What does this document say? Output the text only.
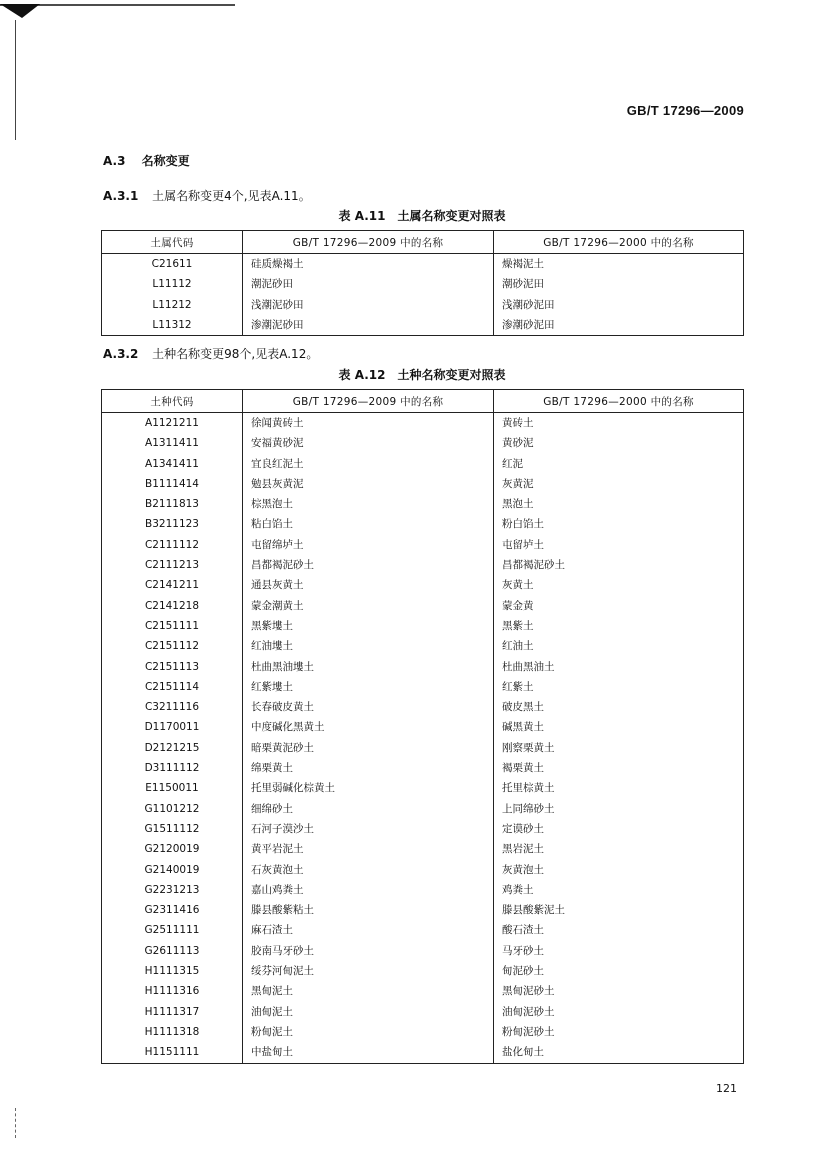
GB/T 17296—2009
A.3 名称变更
A.3.1 土属名称变更4个,见表A.11。
表 A.11　土属名称变更对照表
土属代码	GB/T 17296—2009 中的名称	GB/T 17296—2000 中的名称
C21611	硅质燥褐土	燥褐泥土
L11112	潮泥砂田	潮砂泥田
L11212	浅潮泥砂田	浅潮砂泥田
L11312	渗潮泥砂田	渗潮砂泥田
A.3.2 土种名称变更98个,见表A.12。
表 A.12　土种名称变更对照表
土种代码	GB/T 17296—2009 中的名称	GB/T 17296—2000 中的名称
A1121211	徐闻黄砖土	黄砖土
A1311411	安福黄砂泥	黄砂泥
A1341411	宜良红泥土	红泥
B1111414	勉县灰黄泥	灰黄泥
B2111813	棕黑泡土	黑泡土
B3211123	粘白馅土	粉白馅土
C2111112	屯留绵垆土	屯留垆土
C2111213	昌都褐泥砂土	昌都褐泥砂土
C2141211	通县灰黄土	灰黄土
C2141218	蒙金潮黄土	蒙金黄
C2151111	黑紫塿土	黑紫土
C2151112	红油塿土	红油土
C2151113	杜曲黑油塿土	杜曲黑油土
C2151114	红紫塿土	红紫土
C3211116	长春破皮黄土	破皮黑土
D1170011	中度碱化黑黄土	碱黑黄土
D2121215	暗栗黄泥砂土	刚察栗黄土
D3111112	绵栗黄土	褐栗黄土
E1150011	托里弱碱化棕黄土	托里棕黄土
G1101212	细绵砂土	上同绵砂土
G1511112	石河子漠沙土	定谟砂土
G2120019	黄平岩泥土	黑岩泥土
G2140019	石灰黄泡土	灰黄泡土
G2231213	嘉山鸡粪土	鸡粪土
G2311416	滕县酸紫粘土	滕县酸紫泥土
G2511111	麻石渣土	酸石渣土
G2611113	胶南马牙砂土	马牙砂土
H1111315	绥芬河甸泥土	甸泥砂土
H1111316	黑甸泥土	黑甸泥砂土
H1111317	油甸泥土	油甸泥砂土
H1111318	粉甸泥土	粉甸泥砂土
H1151111	中盐甸土	盐化甸土
121
